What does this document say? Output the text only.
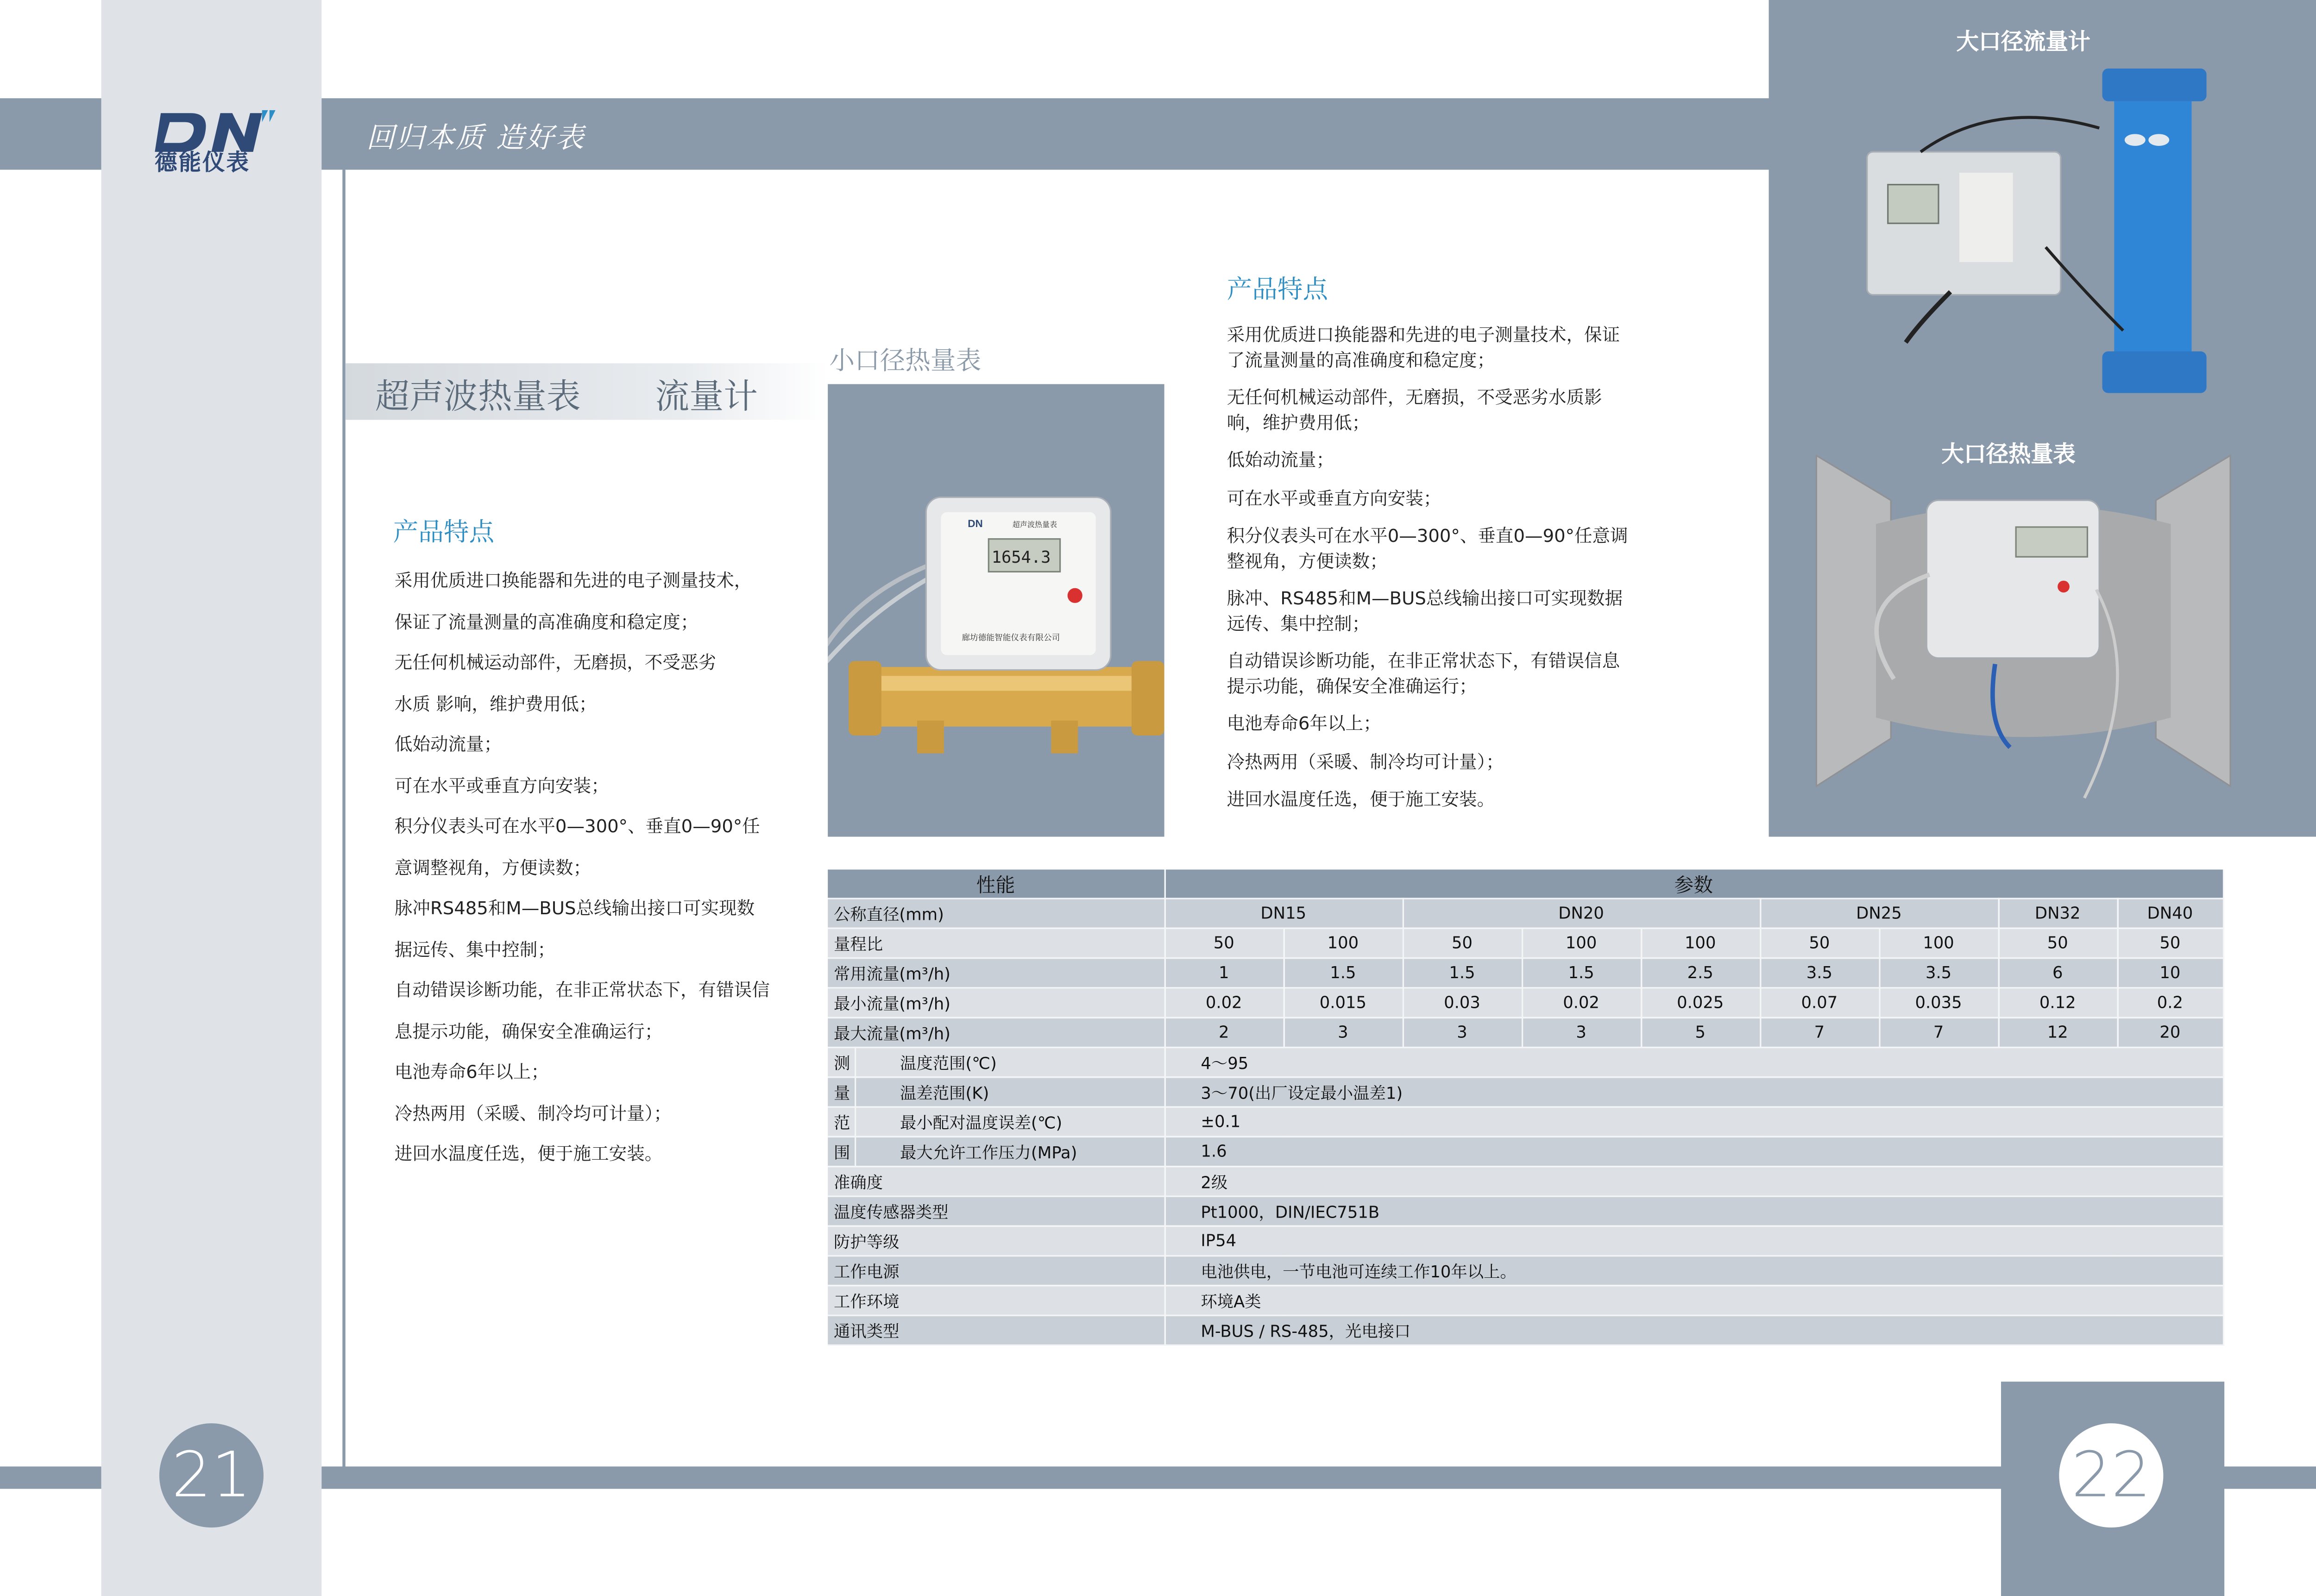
德能仪表
回归本质 造好表
超声波热量表	流量计
产品特点
采用优质进口换能器和先进的电子测量技术，
保证了流量测量的高准确度和稳定度；
无任何机械运动部件，无磨损，不受恶劣
水质 影响，维护费用低；
低始动流量；
可在水平或垂直方向安装；
积分仪表头可在水平0—300°、垂直0—90°任
意调整视角，方便读数；
脉冲RS485和M—BUS总线输出接口可实现数
据远传、集中控制；
自动错误诊断功能，在非正常状态下，有错误信
息提示功能，确保安全准确运行；
电池寿命6年以上；
冷热两用（采暖、制冷均可计量）；
进回水温度任选，便于施工安装。
小口径热量表
DN	超声波热量表
1654.3
廊坊德能智能仪表有限公司
产品特点
采用优质进口换能器和先进的电子测量技术，保证了流量测量的高准确度和稳定度；
无任何机械运动部件，无磨损，不受恶劣水质影响，维护费用低；
低始动流量；
可在水平或垂直方向安装；
积分仪表头可在水平0—300°、垂直0—90°任意调整视角，方便读数；
脉冲、RS485和M—BUS总线输出接口可实现数据远传、集中控制；
自动错误诊断功能，在非正常状态下，有错误信息提示功能，确保安全准确运行；
电池寿命6年以上；
冷热两用（采暖、制冷均可计量）；
进回水温度任选，便于施工安装。
大口径流量计
大口径热量表
性能		参数								
公称直径(mm)		DN15		DN20			DN25		DN32	DN40
量程比		50	100	50	100	100	50	100	50	50
常用流量(m³/h)		1	1.5	1.5	1.5	2.5	3.5	3.5	6	10
最小流量(m³/h)		0.02	0.015	0.03	0.02	0.025	0.07	0.035	0.12	0.2
最大流量(m³/h)		2	3	3	3	5	7	7	12	20
测	温度范围(℃)	4～95								
量	温差范围(K)	3～70(出厂设定最小温差1)								
范	最小配对温度误差(℃)	±0.1								
围	最大允许工作压力(MPa)	1.6								
准确度		2级								
温度传感器类型		Pt1000，DIN/IEC751B								
防护等级		IP54								
工作电源		电池供电，一节电池可连续工作10年以上。								
工作环境		环境A类								
通讯类型		M-BUS / RS-485，光电接口								
21	22
